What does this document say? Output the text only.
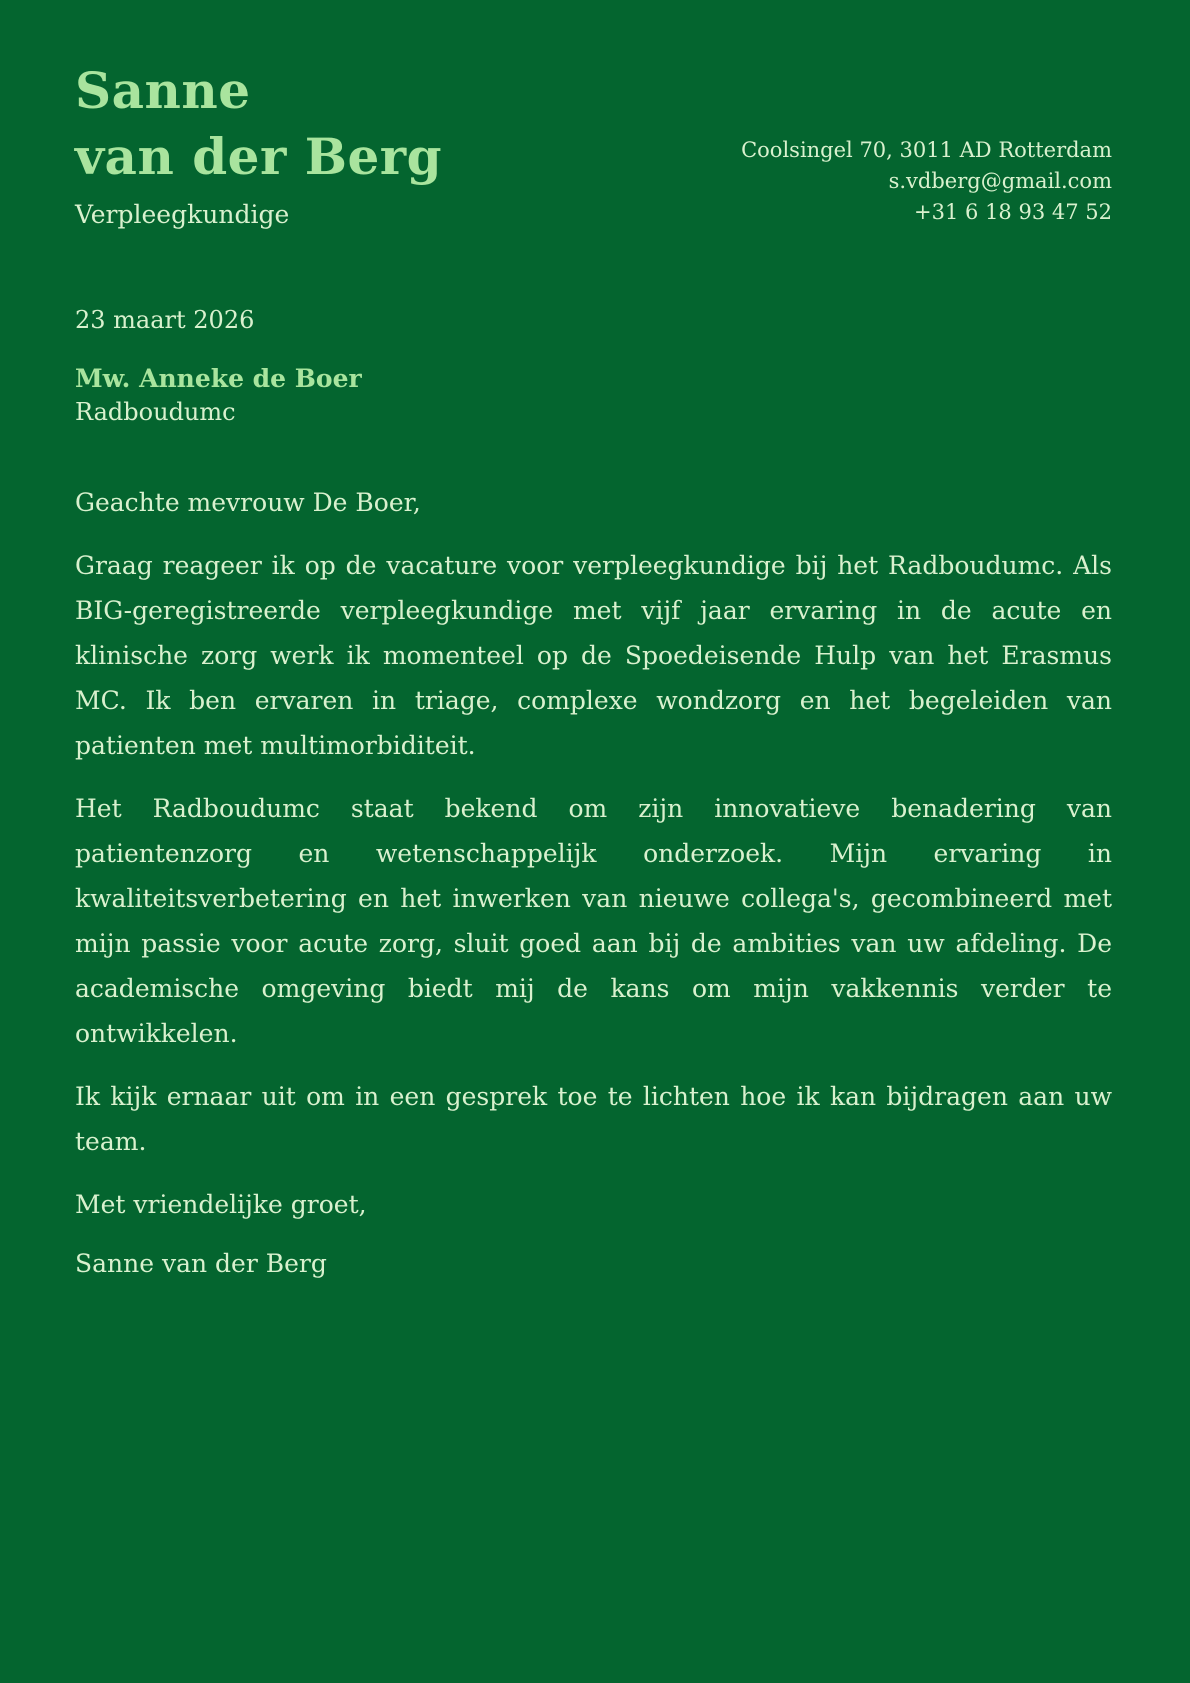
Sanne
van der Berg
Verpleegkundige
Coolsingel 70, 3011 AD Rotterdam
s.vdberg@gmail.com
+31 6 18 93 47 52
23 maart 2026
Mw. Anneke de Boer
Radboudumc
Geachte mevrouw De Boer,

Graag reageer ik op de vacature voor verpleegkundige bij het Radboudumc. Als BIG-geregistreerde verpleegkundige met vijf jaar ervaring in de acute en klinische zorg werk ik momenteel op de Spoedeisende Hulp van het Erasmus MC. Ik ben ervaren in triage, complexe wondzorg en het begeleiden van patienten met multimorbiditeit.

Het Radboudumc staat bekend om zijn innovatieve benadering van patientenzorg en wetenschappelijk onderzoek. Mijn ervaring in kwaliteitsverbetering en het inwerken van nieuwe collega's, gecombineerd met mijn passie voor acute zorg, sluit goed aan bij de ambities van uw afdeling. De academische omgeving biedt mij de kans om mijn vakkennis verder te ontwikkelen.

Ik kijk ernaar uit om in een gesprek toe te lichten hoe ik kan bijdragen aan uw team.

Met vriendelijke groet,
Sanne van der Berg
